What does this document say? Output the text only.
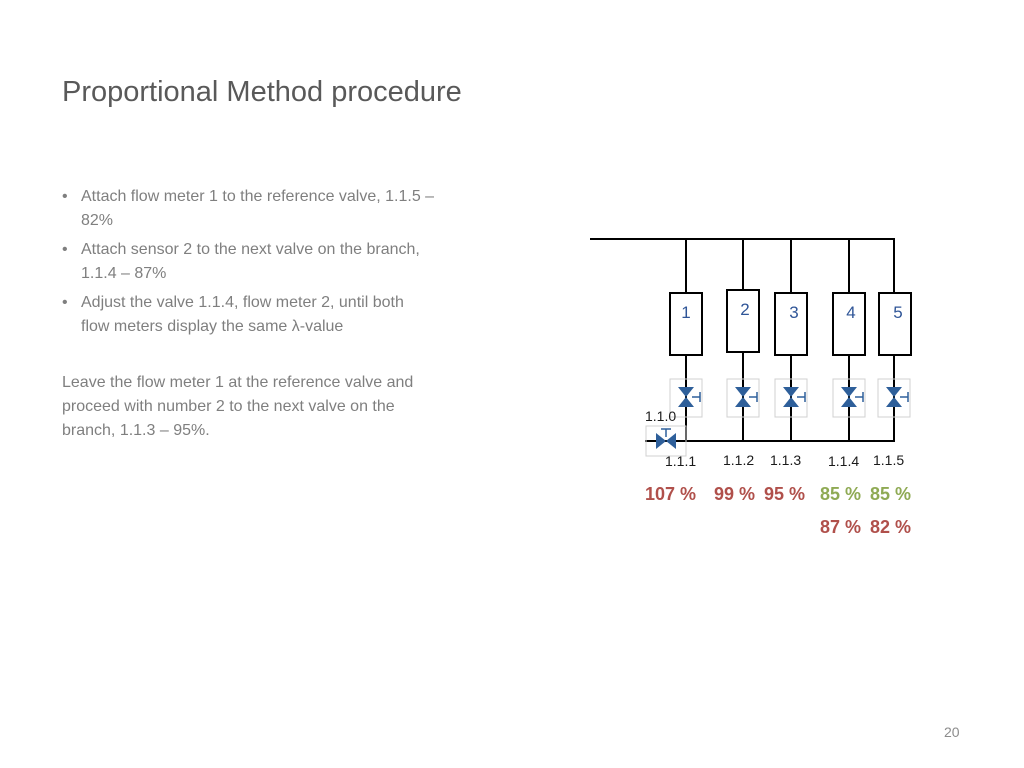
Proportional Method procedure
• Attach flow meter 1 to the reference valve, 1.1.5 –
82%
• Attach sensor 2 to the next valve on the branch,
1.1.4 – 87%
• Adjust the valve 1.1.4, flow meter 2, until both
flow meters display the same λ-value
Leave the flow meter 1 at the reference valve and
proceed with number 2 to the next valve on the
branch, 1.1.3 – 95%.
1	2 3	4 5
1.1.0
1.1.1 1.1.2 1.1.3 1.1.4 1.1.5
107 % 99 % 95 % 85 % 85 %
87 % 82 %
20
